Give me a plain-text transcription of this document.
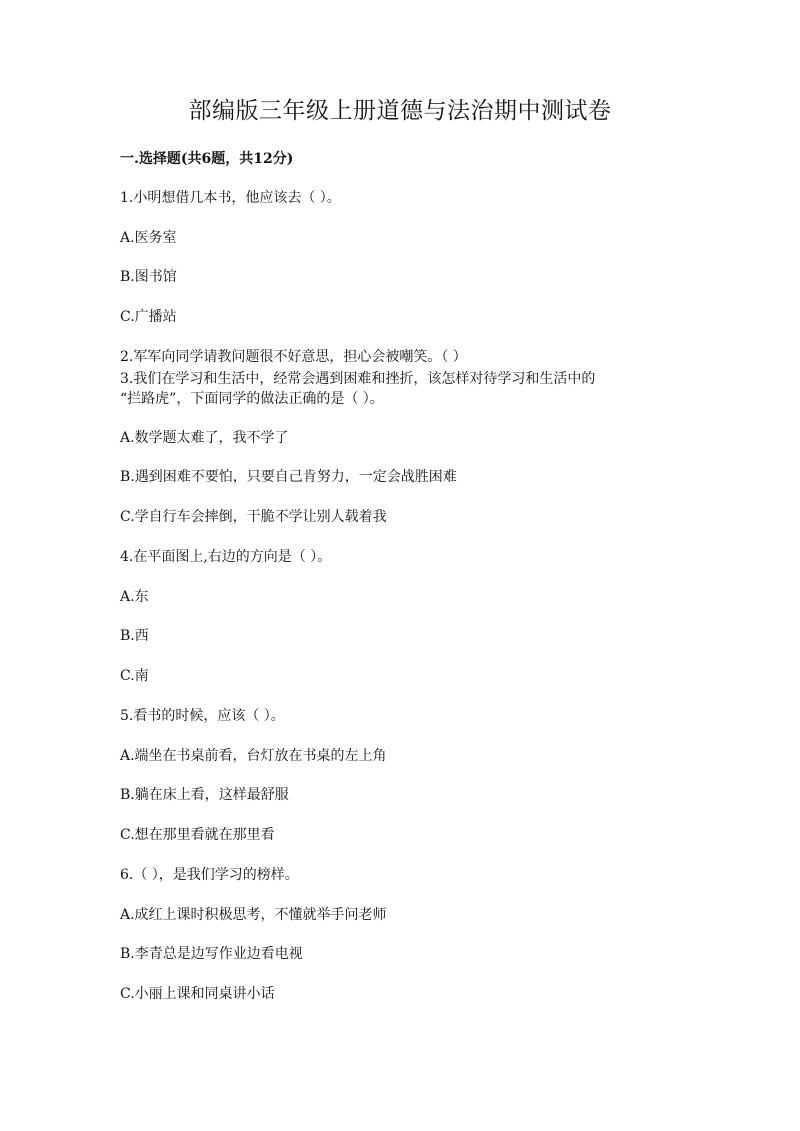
部编版三年级上册道德与法治期中测试卷
一.选择题(共6题，共12分)
1.小明想借几本书，他应该去（ ）。
A.医务室
B.图书馆
C.广播站
2.军军向同学请教问题很不好意思，担心会被嘲笑。（ ）
3.我们在学习和生活中，经常会遇到困难和挫折，该怎样对待学习和生活中的
“拦路虎”，下面同学的做法正确的是（ ）。
A.数学题太难了，我不学了
B.遇到困难不要怕，只要自己肯努力，一定会战胜困难
C.学自行车会摔倒，干脆不学让别人载着我
4.在平面图上,右边的方向是（ ）。
A.东
B.西
C.南
5.看书的时候，应该（ ）。
A.端坐在书桌前看，台灯放在书桌的左上角
B.躺在床上看，这样最舒服
C.想在那里看就在那里看
6.（ ），是我们学习的榜样。
A.成红上课时积极思考，不懂就举手问老师
B.李青总是边写作业边看电视
C.小丽上课和同桌讲小话
